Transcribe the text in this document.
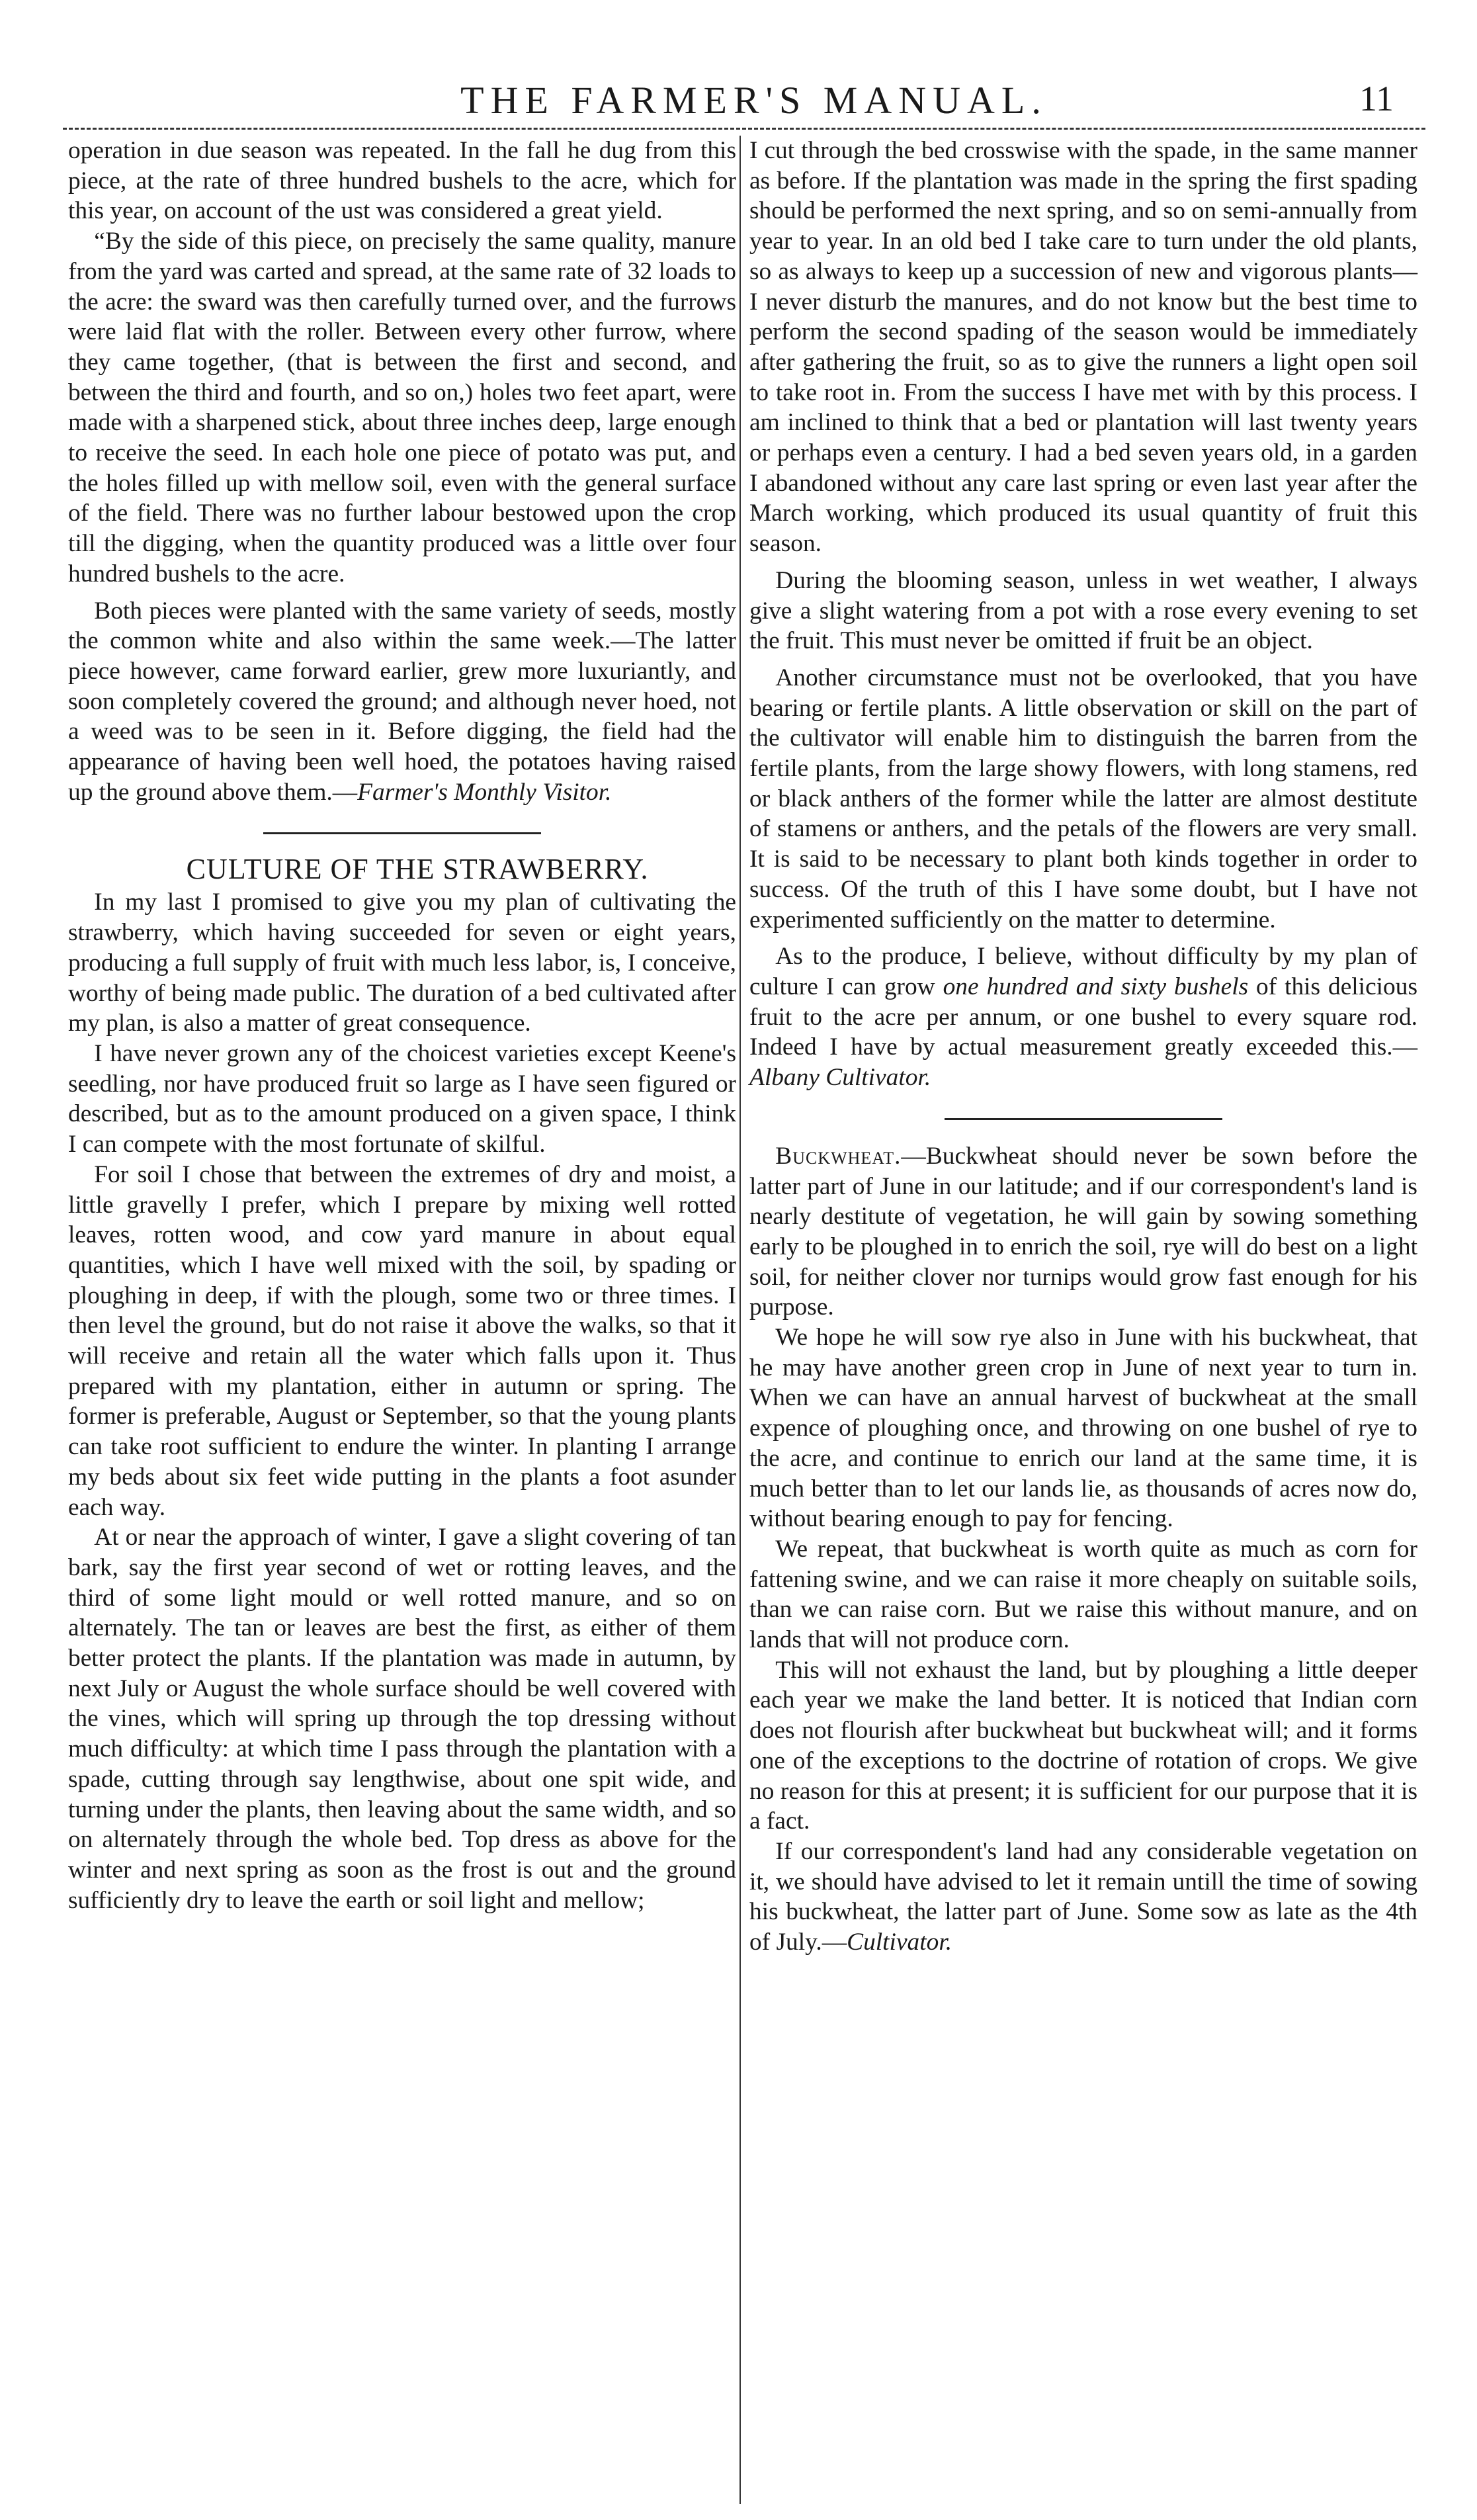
THE FARMER'S MANUAL.	11

operation in due season was repeated. In the fall he dug from this piece, at the rate of three hundred bushels to the acre, which for this year, on account of the ust was considered a great yield.

“By the side of this piece, on precisely the same quality, manure from the yard was carted and spread, at the same rate of 32 loads to the acre: the sward was then carefully turned over, and the furrows were laid flat with the roller. Between every other furrow, where they came together, (that is between the first and second, and between the third and fourth, and so on,) holes two feet apart, were made with a sharpened stick, about three inches deep, large enough to receive the seed. In each hole one piece of potato was put, and the holes filled up with mellow soil, even with the general surface of the field. There was no further labour bestowed upon the crop till the digging, when the quantity produced was a little over four hundred bushels to the acre.

Both pieces were planted with the same variety of seeds, mostly the common white and also within the same week.—The latter piece however, came forward earlier, grew more luxuriantly, and soon completely covered the ground; and although never hoed, not a weed was to be seen in it. Before digging, the field had the appearance of having been well hoed, the potatoes having raised up the ground above them.—Farmer's Monthly Visitor.

CULTURE OF THE STRAWBERRY.

In my last I promised to give you my plan of cultivating the strawberry, which having succeeded for seven or eight years, producing a full supply of fruit with much less labor, is, I conceive, worthy of being made public. The duration of a bed cultivated after my plan, is also a matter of great consequence.

I have never grown any of the choicest varieties except Keene's seedling, nor have produced fruit so large as I have seen figured or described, but as to the amount produced on a given space, I think I can compete with the most fortunate of skilful.

For soil I chose that between the extremes of dry and moist, a little gravelly I prefer, which I prepare by mixing well rotted leaves, rotten wood, and cow yard manure in about equal quantities, which I have well mixed with the soil, by spading or ploughing in deep, if with the plough, some two or three times. I then level the ground, but do not raise it above the walks, so that it will receive and retain all the water which falls upon it. Thus prepared with my plantation, either in autumn or spring. The former is preferable, August or September, so that the young plants can take root sufficient to endure the winter. In planting I arrange my beds about six feet wide putting in the plants a foot asunder each way.

At or near the approach of winter, I gave a slight covering of tan bark, say the first year second of wet or rotting leaves, and the third of some light mould or well rotted manure, and so on alternately. The tan or leaves are best the first, as either of them better protect the plants. If the plantation was made in autumn, by next July or August the whole surface should be well covered with the vines, which will spring up through the top dressing without much difficulty: at which time I pass through the plantation with a spade, cutting through say lengthwise, about one spit wide, and turning under the plants, then leaving about the same width, and so on alternately through the whole bed. Top dress as above for the winter and next spring as soon as the frost is out and the ground sufficiently dry to leave the earth or soil light and mellow;

I cut through the bed crosswise with the spade, in the same manner as before. If the plantation was made in the spring the first spading should be performed the next spring, and so on semi-annually from year to year. In an old bed I take care to turn under the old plants, so as always to keep up a succession of new and vigorous plants—I never disturb the manures, and do not know but the best time to perform the second spading of the season would be immediately after gathering the fruit, so as to give the runners a light open soil to take root in. From the success I have met with by this process. I am inclined to think that a bed or plantation will last twenty years or perhaps even a century. I had a bed seven years old, in a garden I abandoned without any care last spring or even last year after the March working, which produced its usual quantity of fruit this season.

During the blooming season, unless in wet weather, I always give a slight watering from a pot with a rose every evening to set the fruit. This must never be omitted if fruit be an object.

Another circumstance must not be overlooked, that you have bearing or fertile plants. A little observation or skill on the part of the cultivator will enable him to distinguish the barren from the fertile plants, from the large showy flowers, with long stamens, red or black anthers of the former while the latter are almost destitute of stamens or anthers, and the petals of the flowers are very small. It is said to be necessary to plant both kinds together in order to success. Of the truth of this I have some doubt, but I have not experimented sufficiently on the matter to determine.

As to the produce, I believe, without difficulty by my plan of culture I can grow one hundred and sixty bushels of this delicious fruit to the acre per annum, or one bushel to every square rod. Indeed I have by actual measurement greatly exceeded this.—Albany Cultivator.

Buckwheat.—Buckwheat should never be sown before the latter part of June in our latitude; and if our correspondent's land is nearly destitute of vegetation, he will gain by sowing something early to be ploughed in to enrich the soil, rye will do best on a light soil, for neither clover nor turnips would grow fast enough for his purpose.

We hope he will sow rye also in June with his buckwheat, that he may have another green crop in June of next year to turn in. When we can have an annual harvest of buckwheat at the small expence of ploughing once, and throwing on one bushel of rye to the acre, and continue to enrich our land at the same time, it is much better than to let our lands lie, as thousands of acres now do, without bearing enough to pay for fencing.

We repeat, that buckwheat is worth quite as much as corn for fattening swine, and we can raise it more cheaply on suitable soils, than we can raise corn. But we raise this without manure, and on lands that will not produce corn.

This will not exhaust the land, but by ploughing a little deeper each year we make the land better. It is noticed that Indian corn does not flourish after buckwheat but buckwheat will; and it forms one of the exceptions to the doctrine of rotation of crops. We give no reason for this at present; it is sufficient for our purpose that it is a fact.

If our correspondent's land had any considerable vegetation on it, we should have advised to let it remain untill the time of sowing his buckwheat, the latter part of June. Some sow as late as the 4th of July.—Cultivator.
